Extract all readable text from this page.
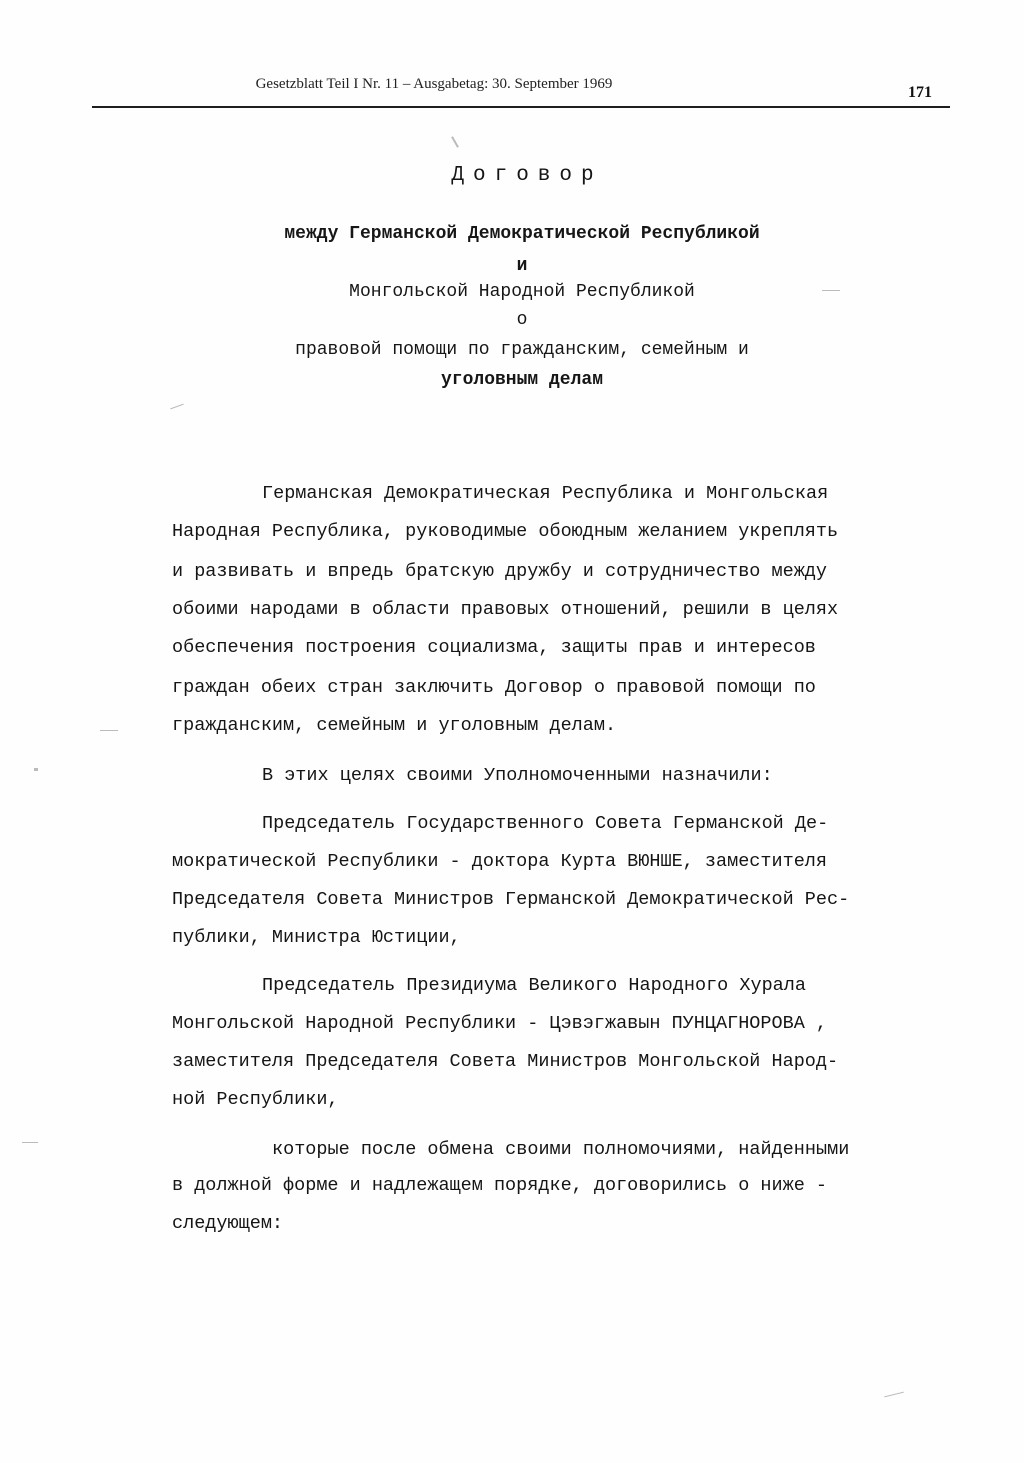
Gesetzblatt Teil I Nr. 11 – Ausgabetag: 30. September 1969	171
Договор
между Германской Демократической Республикой
и
Монгольской Народной Республикой
о
правовой помощи по гражданским, семейным и
уголовным делам
Германская Демократическая Республика и Монгольская
Народная Республика, руководимые обоюдным желанием укреплять
и развивать и впредь братскую дружбу и сотрудничество между
обоими народами в области правовых отношений, решили в целях
обеспечения построения социализма, защиты прав и интересов
граждан обеих стран заключить Договор о правовой помощи по
гражданским, семейным и уголовным делам.
В этих целях своими Уполномоченными назначили:
Председатель Государственного Совета Германской Де-
мократической Республики - доктора Курта ВЮНШЕ, заместителя
Председателя Совета Министров Германской Демократической Рес-
публики, Министра Юстиции,
Председатель Президиума Великого Народного Хурала
Монгольской Народной Республики - Цэвэгжавын ПУНЦАГНОРОВА ,
заместителя Председателя Совета Министров Монгольской Народ-
ной Республики,
которые после обмена своими полномочиями, найденными
в должной форме и надлежащем порядке, договорились о ниже -
следующем:
